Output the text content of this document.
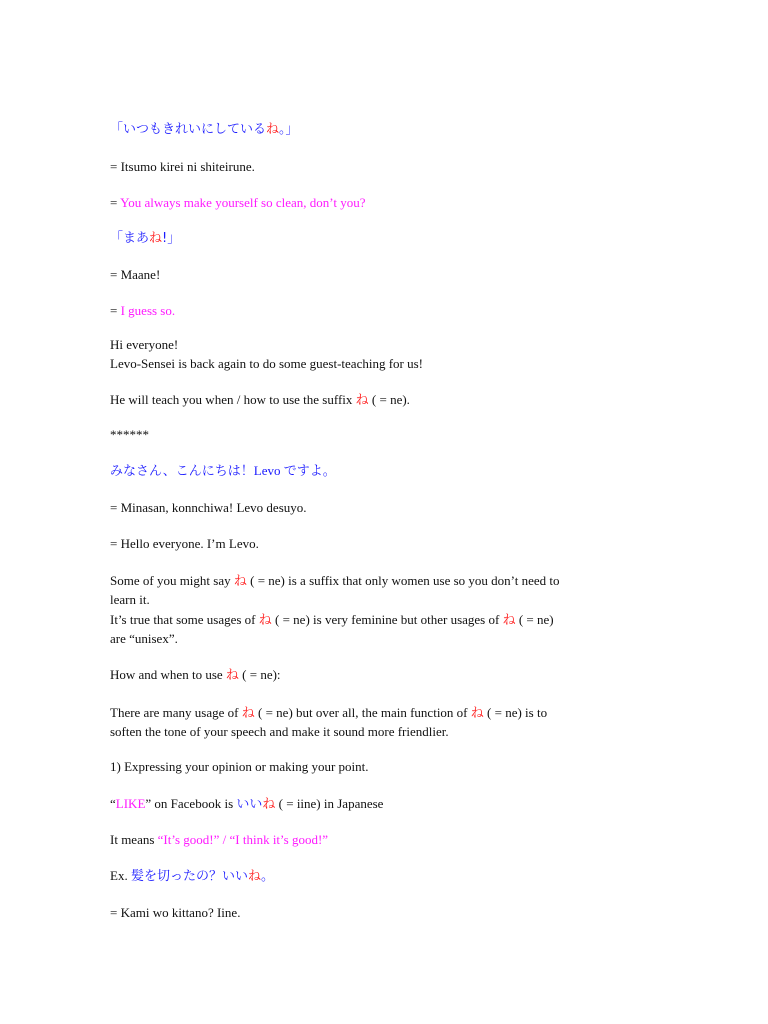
「いつもきれいにしているね。」
= Itsumo kirei ni shiteirune.
= You always make yourself so clean, don’t you?
「まあね!」
= Maane!
= I guess so.
Hi everyone!
Levo-Sensei is back again to do some guest-teaching for us!
He will teach you when / how to use the suffix ね ( = ne).
******
みなさん、こんにちは！Levo ですよ。
= Minasan, konnchiwa! Levo desuyo.
= Hello everyone. I’m Levo.
Some of you might say ね ( = ne) is a suffix that only women use so you don’t need to
learn it.
It’s true that some usages of ね ( = ne) is very feminine but other usages of ね ( = ne)
are “unisex”.
How and when to use ね ( = ne):
There are many usage of ね ( = ne) but over all, the main function of ね ( = ne) is to
soften the tone of your speech and make it sound more friendlier.
1) Expressing your opinion or making your point.
“LIKE” on Facebook is いいね ( = iine) in Japanese
It means “It’s good!” / “I think it’s good!”
Ex. 髪を切ったの？いいね。
= Kami wo kittano? Iine.
